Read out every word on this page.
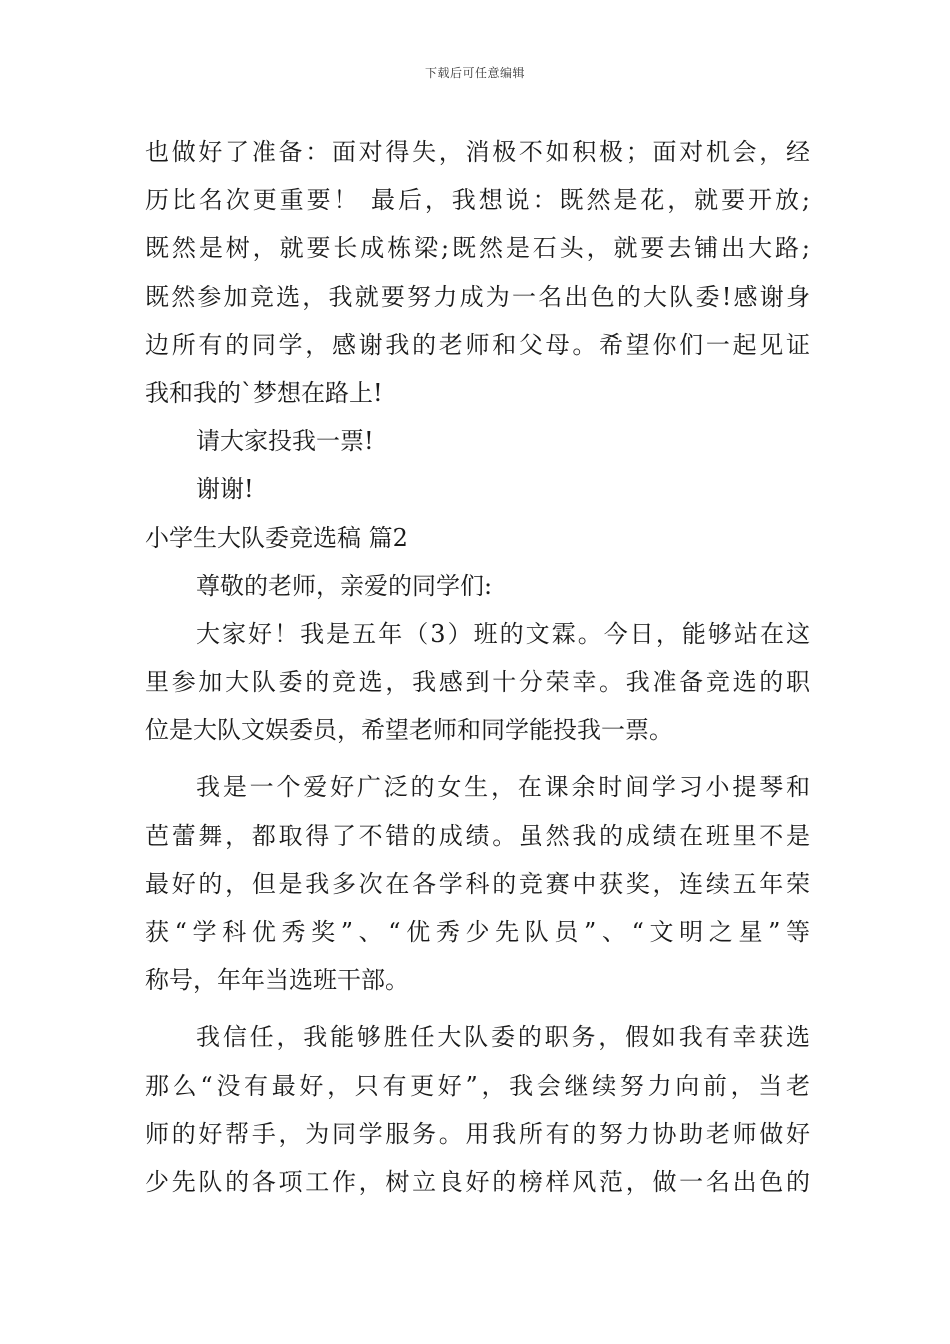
下载后可任意编辑
也做好了准备：面对得失，消极不如积极；面对机会，经
历比名次更重要！ 最后，我想说：既然是花，就要开放;
既然是树，就要长成栋梁;既然是石头，就要去铺出大路;
既然参加竞选，我就要努力成为一名出色的大队委!感谢身
边所有的同学，感谢我的老师和父母。希望你们一起见证
我和我的`梦想在路上!
请大家投我一票!
谢谢!
小学生大队委竞选稿 篇2
尊敬的老师，亲爱的同学们:
大家好！我是五年（3）班的文霖。今日，能够站在这
里参加大队委的竞选，我感到十分荣幸。我准备竞选的职
位是大队文娱委员，希望老师和同学能投我一票。
我是一个爱好广泛的女生，在课余时间学习小提琴和
芭蕾舞，都取得了不错的成绩。虽然我的成绩在班里不是
最好的，但是我多次在各学科的竞赛中获奖，连续五年荣
获“学科优秀奖”、“优秀少先队员”、“文明之星”等
称号，年年当选班干部。
我信任，我能够胜任大队委的职务，假如我有幸获选
那么“没有最好，只有更好”，我会继续努力向前，当老
师的好帮手，为同学服务。用我所有的努力协助老师做好
少先队的各项工作，树立良好的榜样风范，做一名出色的
